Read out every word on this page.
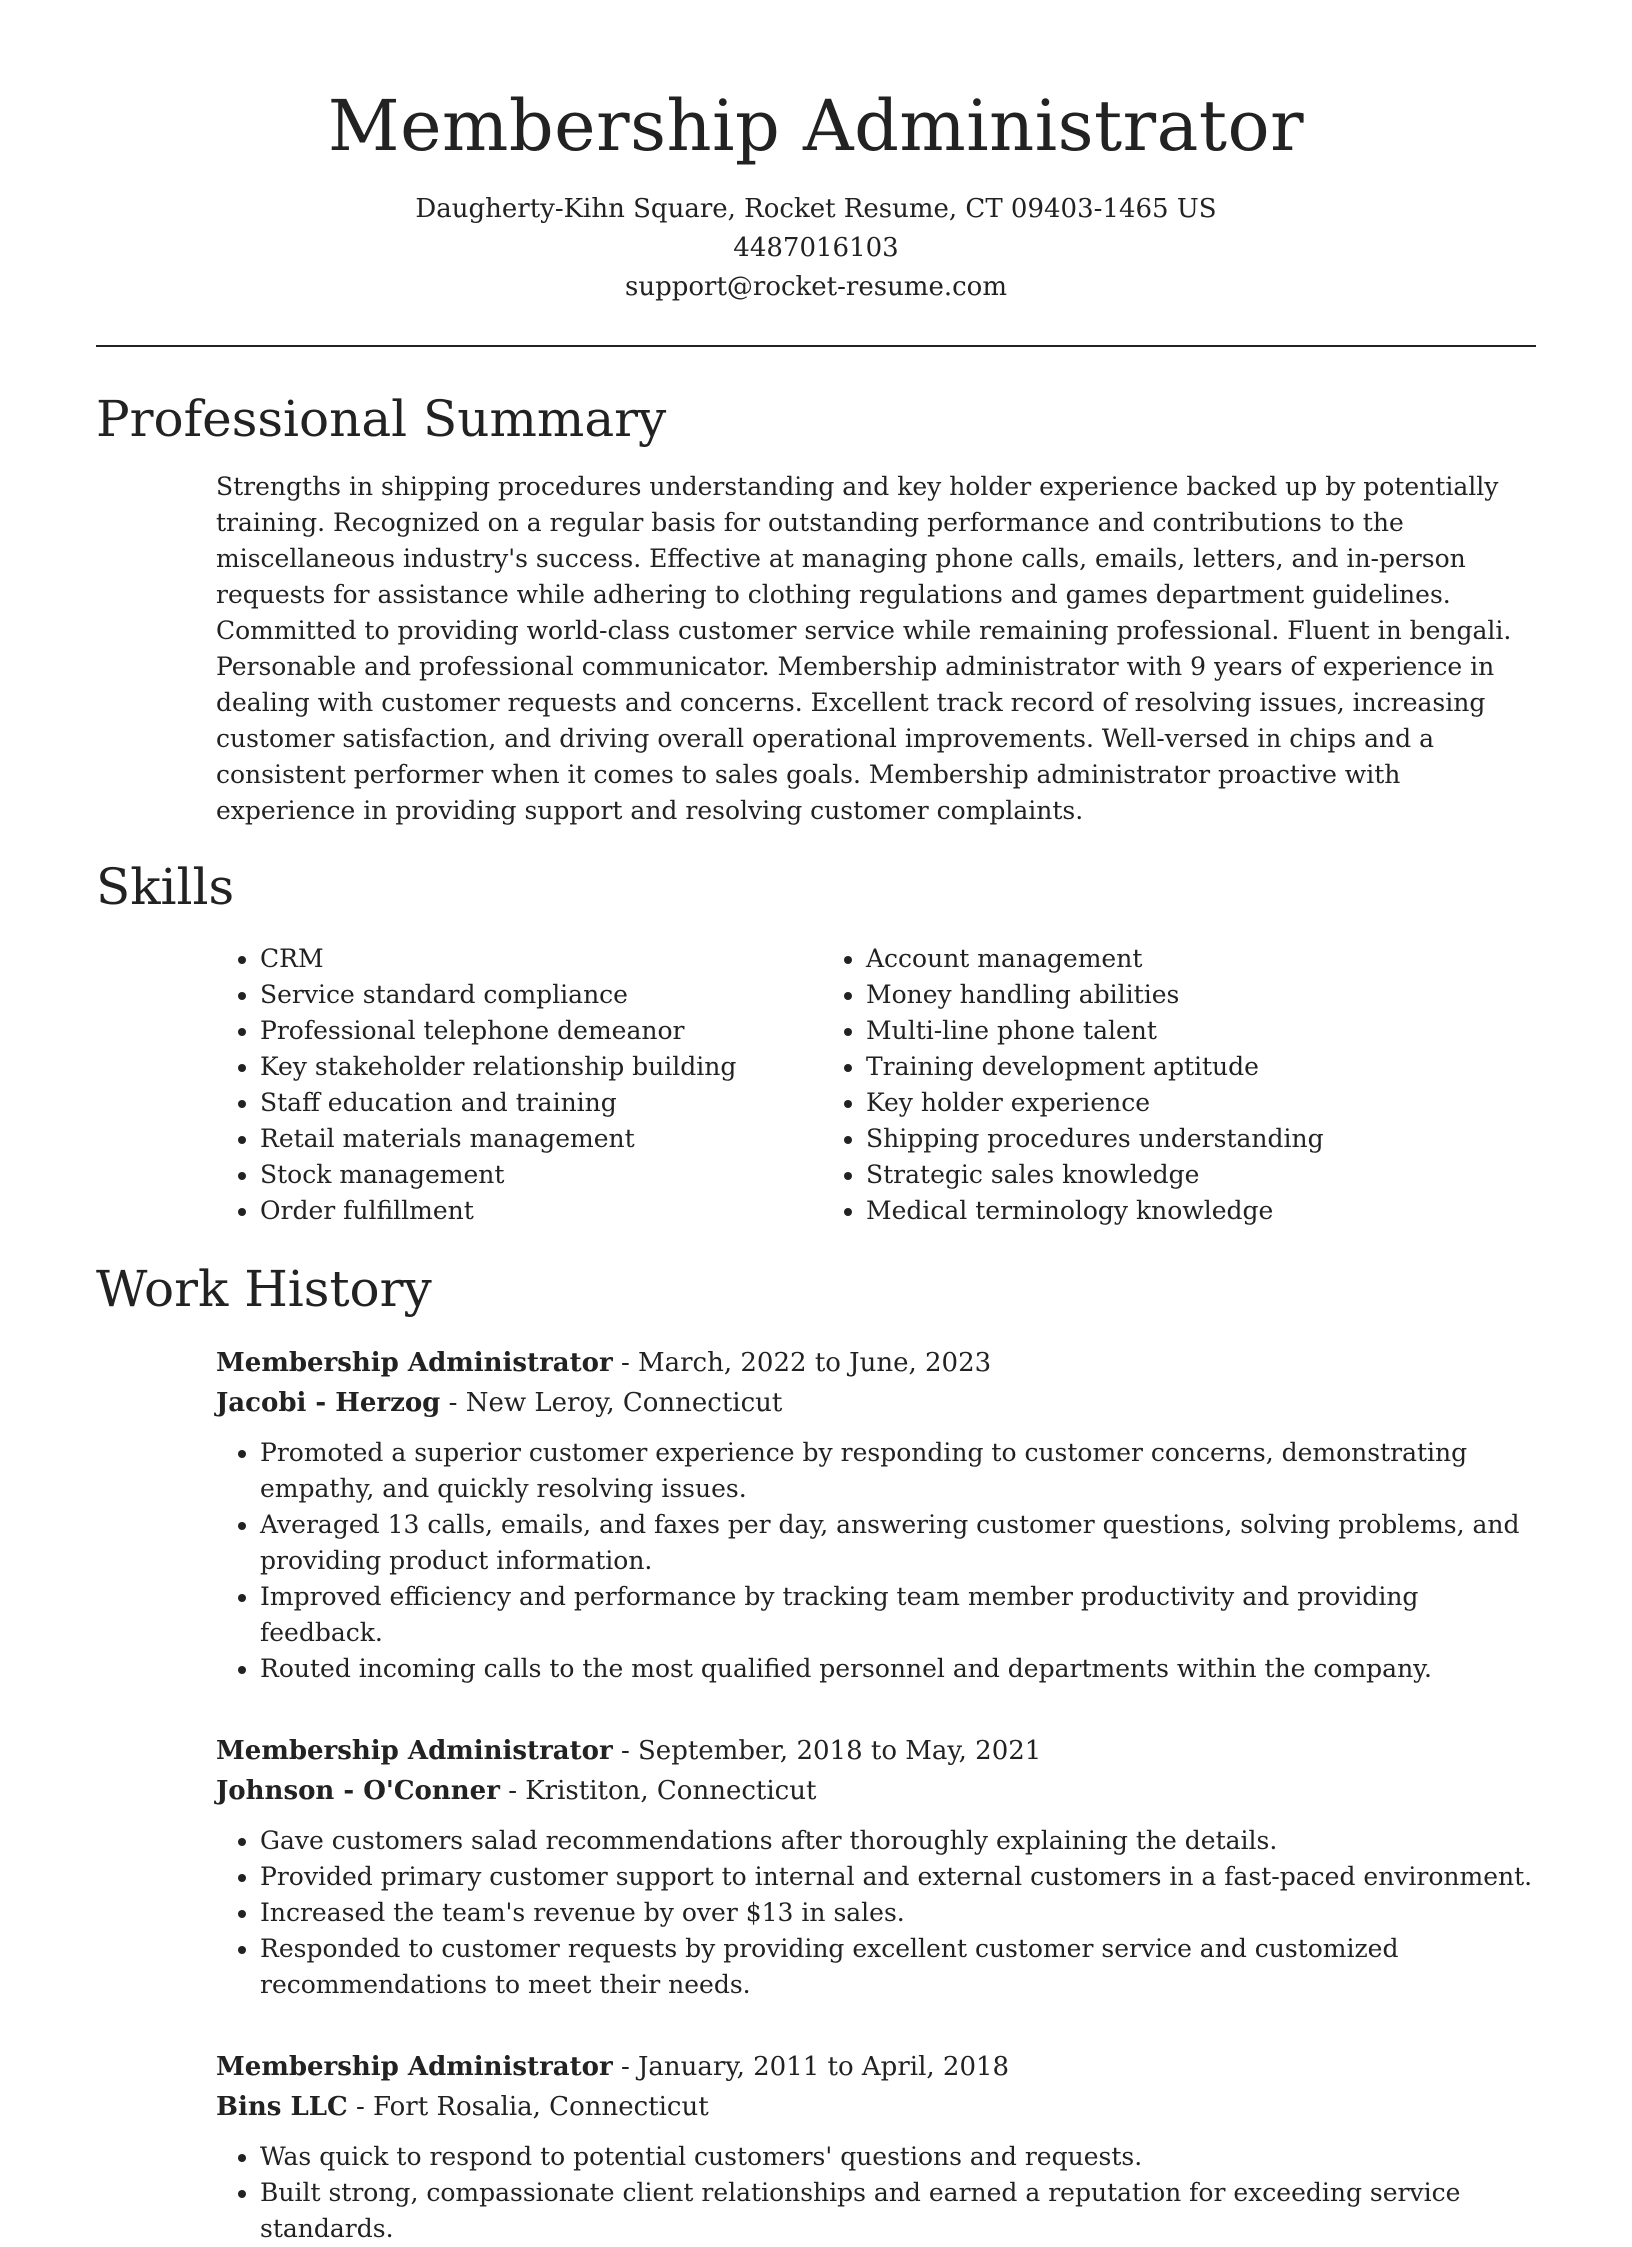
Membership Administrator
Daugherty-Kihn Square, Rocket Resume, CT 09403-1465 US
4487016103
support@rocket-resume.com
Professional Summary

Strengths in shipping procedures understanding and key holder experience backed up by potentially training. Recognized on a regular basis for outstanding performance and contributions to the miscellaneous industry's success. Effective at managing phone calls, emails, letters, and in-person requests for assistance while adhering to clothing regulations and games department guidelines. Committed to providing world-class customer service while remaining professional. Fluent in bengali. Personable and professional communicator. Membership administrator with 9 years of experience in dealing with customer requests and concerns. Excellent track record of resolving issues, increasing customer satisfaction, and driving overall operational improvements. Well-versed in chips and a consistent performer when it comes to sales goals. Membership administrator proactive with experience in providing support and resolving customer complaints.

Skills
• CRM
• Service standard compliance
• Professional telephone demeanor
• Key stakeholder relationship building
• Staff education and training
• Retail materials management
• Stock management
• Order fulfillment
• Account management
• Money handling abilities
• Multi-line phone talent
• Training development aptitude
• Key holder experience
• Shipping procedures understanding
• Strategic sales knowledge
• Medical terminology knowledge
Work History
Membership Administrator - March, 2022 to June, 2023
Jacobi - Herzog - New Leroy, Connecticut
• Promoted a superior customer experience by responding to customer concerns, demonstrating empathy, and quickly resolving issues.
• Averaged 13 calls, emails, and faxes per day, answering customer questions, solving problems, and providing product information.
• Improved efficiency and performance by tracking team member productivity and providing feedback.
• Routed incoming calls to the most qualified personnel and departments within the company.
Membership Administrator - September, 2018 to May, 2021
Johnson - O'Conner - Kristiton, Connecticut
• Gave customers salad recommendations after thoroughly explaining the details.
• Provided primary customer support to internal and external customers in a fast-paced environment.
• Increased the team's revenue by over $13 in sales.
• Responded to customer requests by providing excellent customer service and customized recommendations to meet their needs.
Membership Administrator - January, 2011 to April, 2018
Bins LLC - Fort Rosalia, Connecticut
• Was quick to respond to potential customers' questions and requests.
• Built strong, compassionate client relationships and earned a reputation for exceeding service standards.
